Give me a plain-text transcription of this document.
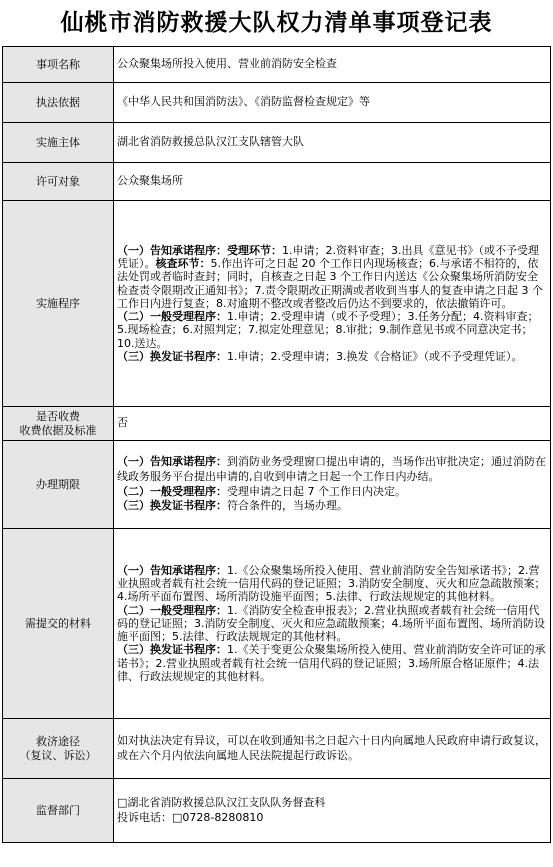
仙桃市消防救援大队权力清单事项登记表
事项名称	公众聚集场所投入使用、营业前消防安全检查
执法依据	《中华人民共和国消防法》、《消防监督检查规定》等
实施主体	湖北省消防救援总队汉江支队辖管大队
许可对象	公众聚集场所
实施程序	（一）告知承诺程序：受理环节：1.申请；2.资料审查；3.出具《意见书》（或不予受理凭证）。核查环节：5.作出许可之日起 20 个工作日内现场核查；6.与承诺不相符的，依法处罚或者临时查封；同时，自核查之日起 3 个工作日内送达《公众聚集场所消防安全检查责令限期改正通知书》；7.责令限期改正期满或者收到当事人的复查申请之日起 3 个工作日内进行复查；8.对逾期不整改或者整改后仍达不到要求的，依法撤销许可。

（二）一般受理程序：1.申请；2.受理申请（或不予受理）；3.任务分配；4.资料审查；5.现场检查；6.对照判定；7.拟定处理意见；8.审批；9.制作意见书或不同意决定书；10.送达。

（三）换发证书程序：1.申请；2.受理申请；3.换发《合格证》（或不予受理凭证）。

是否收费
收费依据及标准	否
办理期限	（一）告知承诺程序：到消防业务受理窗口提出申请的，当场作出审批决定；通过消防在线政务服务平台提出申请的,自收到申请之日起一个工作日内办结。

（二）一般受理程序：受理申请之日起 7 个工作日内决定。

（三）换发证书程序：符合条件的，当场办理。

需提交的材料	（一）告知承诺程序：1.《公众聚集场所投入使用、营业前消防安全告知承诺书》；2.营业执照或者载有社会统一信用代码的登记证照；3.消防安全制度、灭火和应急疏散预案；4.场所平面布置图、场所消防设施平面图；5.法律、行政法规规定的其他材料。

（二）一般受理程序：1.《消防安全检查申报表》；2.营业执照或者载有社会统一信用代码的登记证照；3.消防安全制度、灭火和应急疏散预案；4.场所平面布置图、场所消防设施平面图；5.法律、行政法规规定的其他材料。

（三）换发证书程序：1.《关于变更公众聚集场所投入使用、营业前消防安全许可证的承诺书》；2.营业执照或者载有社会统一信用代码的登记证照；3.场所原合格证原件；4.法律、行政法规规定的其他材料。

救济途径
（复议、诉讼）	如对执法决定有异议，可以在收到通知书之日起六十日内向属地人民政府申请行政复议，或在六个月内依法向属地人民法院提起行政诉讼。
监督部门	□湖北省消防救援总队汉江支队队务督查科
投诉电话：□0728-8280810
